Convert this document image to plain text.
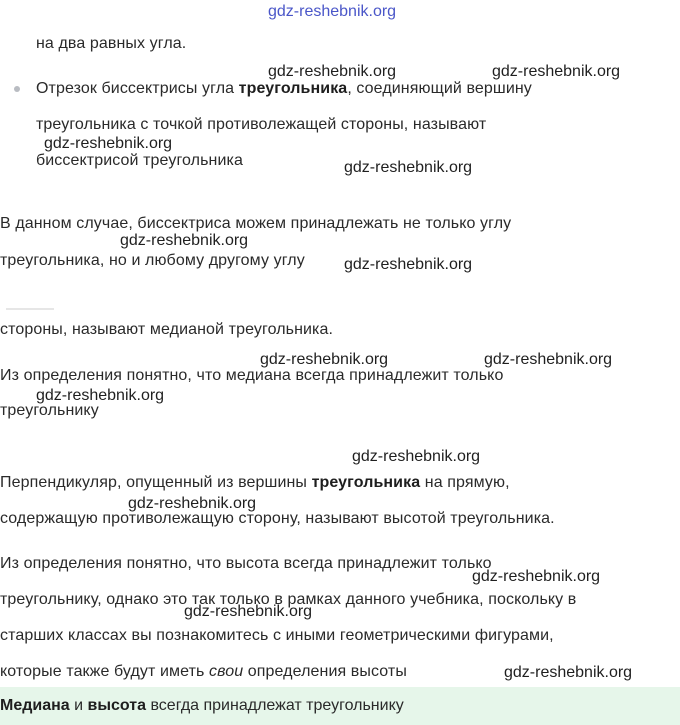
gdz-reshebnik.org
на два равных угла.
Отрезок биссектрисы угла треугольника, соединяющий вершину
gdz-reshebnik.org	gdz-reshebnik.org
треугольника с точкой противолежащей стороны, называют
gdz-reshebnik.org
биссектрисой треугольника	gdz-reshebnik.org
В данном случае, биссектриса можем принадлежать не только углу
gdz-reshebnik.org
треугольника, но и любому другому углу gdz-reshebnik.org
стороны, называют медианой треугольника.
gdz-reshebnik.org	gdz-reshebnik.org
Из определения понятно, что медиана всегда принадлежит только
gdz-reshebnik.org
треугольнику
gdz-reshebnik.org
Перпендикуляр, опущенный из вершины треугольника на прямую,
gdz-reshebnik.org
содержащую противолежащую сторону, называют высотой треугольника.
Из определения понятно, что высота всегда принадлежит только
gdz-reshebnik.org
треугольнику, однако это так только в рамках данного учебника, поскольку в
gdz-reshebnik.org
старших классах вы познакомитесь с иными геометрическими фигурами,
которые также будут иметь свои определения высоты	gdz-reshebnik.org
Медиана и высота всегда принадлежат треугольнику
